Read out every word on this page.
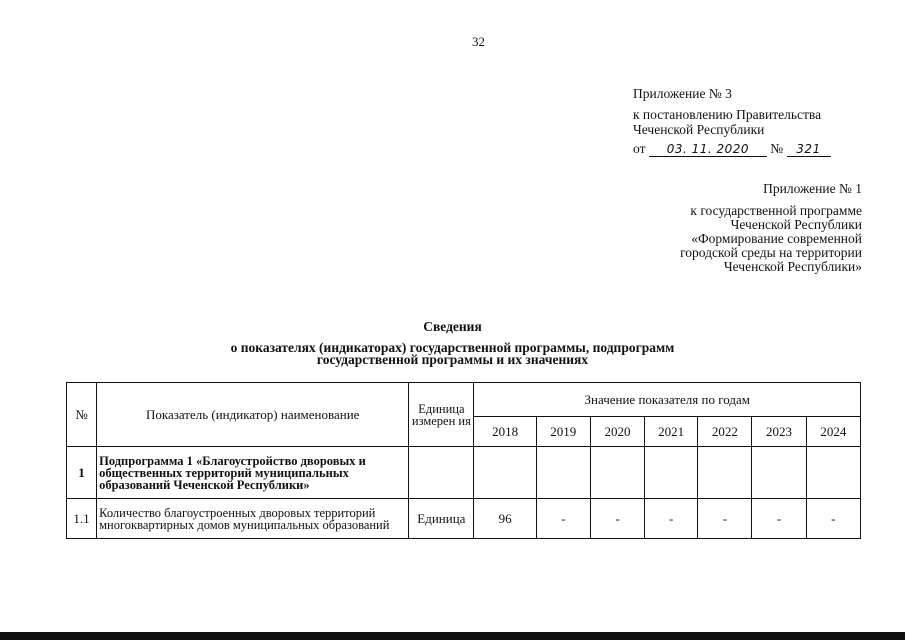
32
Приложение № 3
к постановлению Правительства
Чеченской Республики
от 03. 11. 2020 № 321
Приложение № 1
к государственной программе
Чеченской Республики
«Формирование современной
городской среды на территории
Чеченской Республики»
Сведения
о показателях (индикаторах) государственной программы, подпрограмм
государственной программы и их значениях
№	Показатель (индикатор) наименование	Единица измерен ия	Значение показателя по годам						
			2018	2019	2020	2021	2022	2023	2024
1	Подпрограмма 1 «Благоустройство дворовых и общественных территорий муниципальных образований Чеченской Республики»								
1.1	Количество благоустроенных дворовых территорий многоквартирных домов муниципальных образований	Единица	96	-	-	-	-	-	-
